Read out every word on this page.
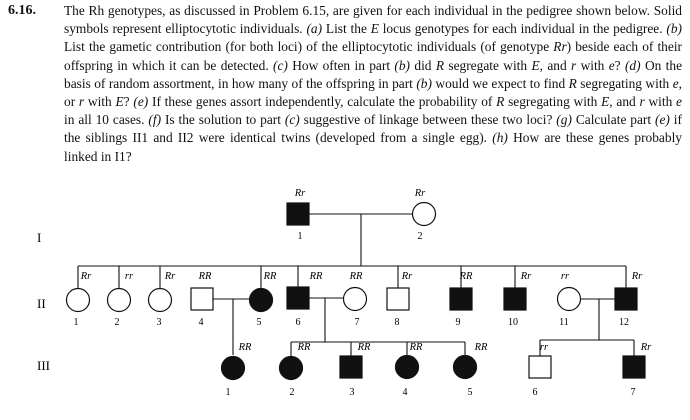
6.16. The Rh genotypes, as discussed in Problem 6.15, are given for each individual in the pedigree shown below. Solid symbols represent elliptocytotic individuals. (a) List the E locus genotypes for each individual in the pedigree. (b) List the gametic contribution (for both loci) of the elliptocytotic individuals (of genotype Rr) beside each of their offspring in which it can be detected. (c) How often in part (b) did R segregate with E, and r with e? (d) On the basis of random assortment, in how many of the offspring in part (b) would we expect to find R segregating with e, or r with E? (e) If these genes assort independently, calculate the probability of R segregating with E, and r with e in all 10 cases. (f) Is the solution to part (c) suggestive of linkage between these two loci? (g) Calculate part (e) if the siblings II1 and II2 were identical twins (developed from a single egg). (h) How are these genes probably linked in I1?
I
II
III
Rr
1
Rr
2
Rr
1
rr
2
Rr
3
RR
4
RR
5
RR
6
RR
7
Rr
8
RR
9
Rr
10
rr
11
Rr
12
RR
1
RR
2
RR
3
RR
4
RR
5
rr
6
Rr
7
